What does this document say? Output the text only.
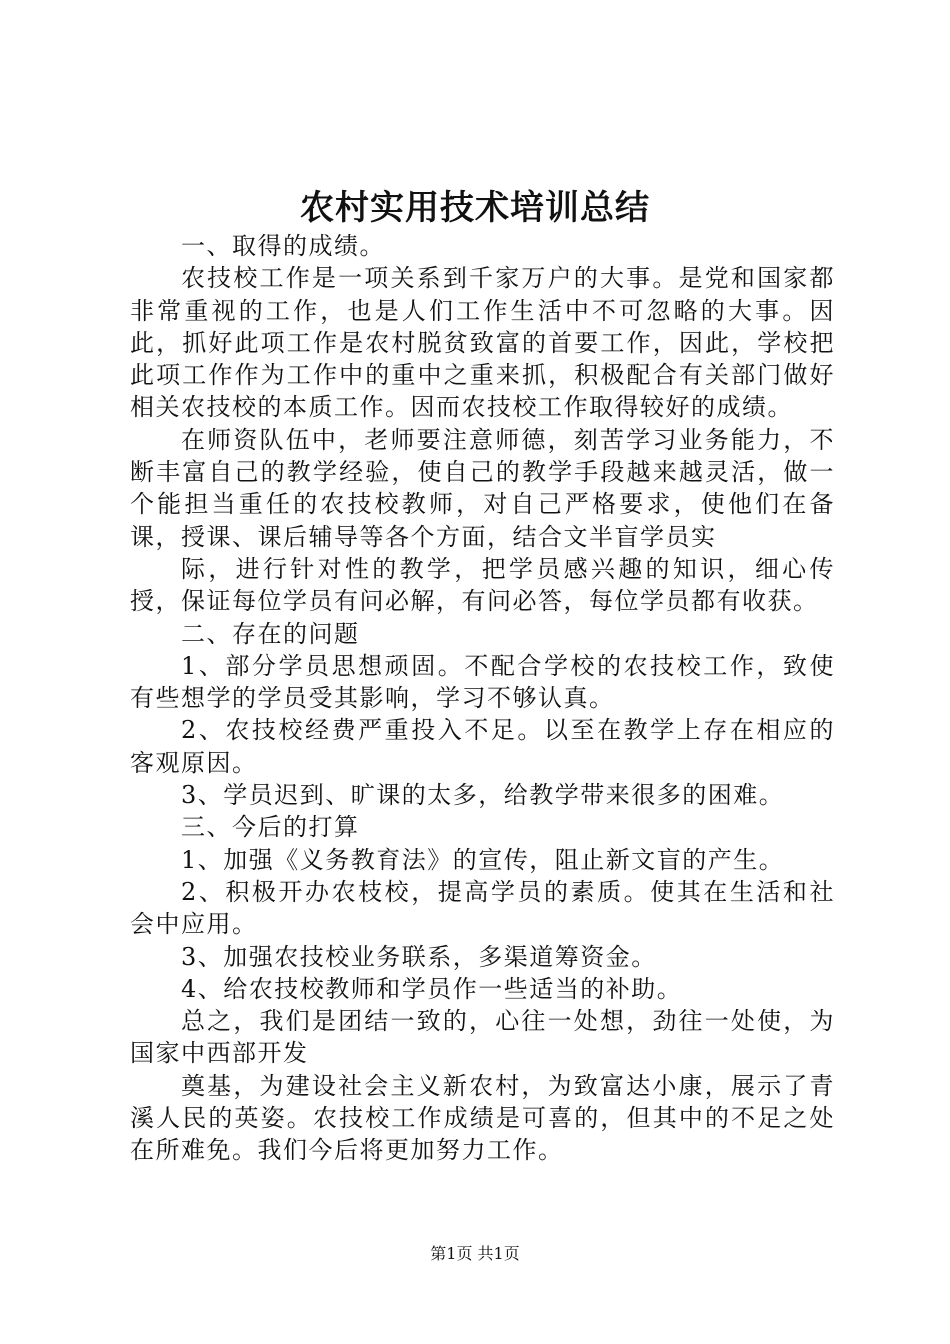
农村实用技术培训总结

一、取得的成绩。

农技校工作是一项关系到千家万户的大事。是党和国家都非常重视的工作，也是人们工作生活中不可忽略的大事。因此，抓好此项工作是农村脱贫致富的首要工作，因此，学校把此项工作作为工作中的重中之重来抓，积极配合有关部门做好相关农技校的本质工作。因而农技校工作取得较好的成绩。

在师资队伍中，老师要注意师德，刻苦学习业务能力，不断丰富自己的教学经验，使自己的教学手段越来越灵活，做一个能担当重任的农技校教师，对自己严格要求，使他们在备课，授课、课后辅导等各个方面，结合文半盲学员实

际，进行针对性的教学，把学员感兴趣的知识，细心传授，保证每位学员有问必解，有问必答，每位学员都有收获。

二、存在的问题

1、部分学员思想顽固。不配合学校的农技校工作，致使有些想学的学员受其影响，学习不够认真。

2、农技校经费严重投入不足。以至在教学上存在相应的客观原因。

3、学员迟到、旷课的太多，给教学带来很多的困难。

三、今后的打算

1、加强《义务教育法》的宣传，阻止新文盲的产生。

2、积极开办农枝校，提高学员的素质。使其在生活和社会中应用。

3、加强农技校业务联系，多渠道筹资金。

4、给农技校教师和学员作一些适当的补助。

总之，我们是团结一致的，心往一处想，劲往一处使，为国家中西部开发

奠基，为建设社会主义新农村，为致富达小康，展示了青溪人民的英姿。农技校工作成绩是可喜的，但其中的不足之处在所难免。我们今后将更加努力工作。

第1页 共1页
